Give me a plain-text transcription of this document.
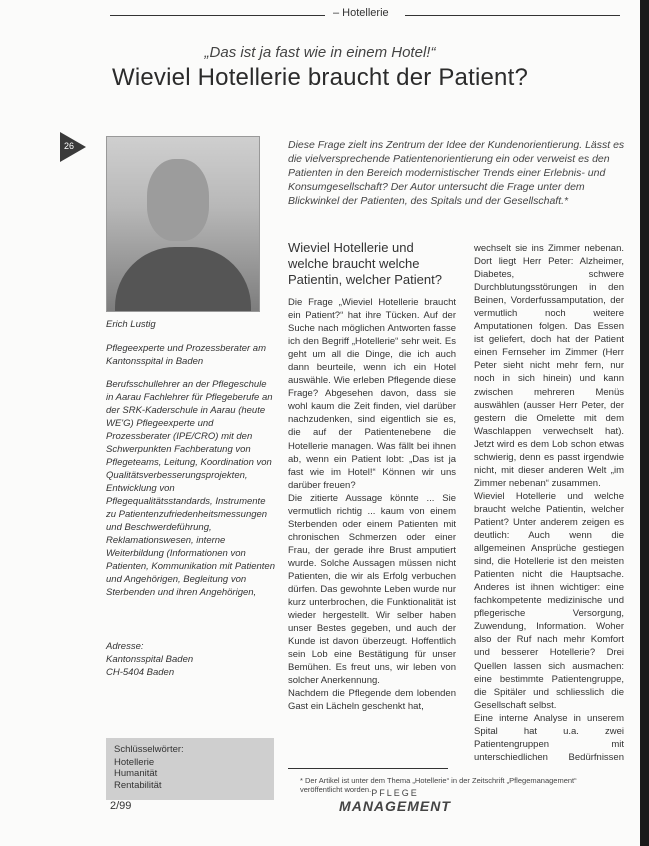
– Hotellerie
„Das ist ja fast wie in einem Hotel!“
Wieviel Hotellerie braucht der Patient?
26
Erich Lustig
Pflegeexperte und Prozessberater am Kantonsspital in Baden
Berufsschullehrer an der Pflegeschule in Aarau Fachlehrer für Pflegeberufe an der SRK-Kaderschule in Aarau (heute WE'G) Pflegeexperte und Prozessberater (IPE/CRO) mit den Schwerpunkten Fachberatung von Pflegeteams, Leitung, Koordination von Qualitätsverbesserungsprojekten, Entwicklung von Pflegequalitätsstandards, Instrumente zu Patientenzufriedenheitsmessungen und Beschwerdeführung, Reklamationswesen, interne Weiterbildung (Informationen von Patienten, Kommunikation mit Patienten und Angehörigen, Begleitung von Sterbenden und ihren Angehörigen,
Adresse:
Kantonsspital Baden
CH-5404 Baden
Schlüsselwörter:
Hotellerie
Humanität
Rentabilität
Diese Frage zielt ins Zentrum der Idee der Kundenorientierung. Lässt es die vielversprechende Patientenorientierung ein oder verweist es den Patienten in den Bereich modernistischer Trends einer Erlebnis- und Konsumgesellschaft? Der Autor untersucht die Frage unter dem Blickwinkel der Patienten, des Spitals und der Gesellschaft.*
Wieviel Hotellerie und welche braucht welche Patientin, welcher Patient?

Die Frage „Wieviel Hotellerie braucht ein Patient?“ hat ihre Tücken. Auf der Suche nach möglichen Antworten fasse ich den Begriff „Hotellerie“ sehr weit. Es geht um all die Dinge, die ich auch dann beurteile, wenn ich ein Hotel auswähle. Wie erleben Pflegende diese Frage? Abgesehen davon, dass sie wohl kaum die Zeit finden, viel darüber nachzudenken, sind eigentlich sie es, die auf der Patientenebene die Hotellerie managen. Was fällt bei ihnen ab, wenn ein Patient lobt: „Das ist ja fast wie im Hotel!“ Können wir uns darüber freuen?

Die zitierte Aussage könnte ... Sie vermutlich richtig ... kaum von einem Sterbenden oder einem Patienten mit chronischen Schmerzen oder einer Frau, der gerade ihre Brust amputiert wurde. Solche Aussagen müssen nicht Patienten, die wir als Erfolg verbuchen dürfen. Das gewohnte Leben wurde nur kurz unterbrochen, die Funktionalität ist wieder hergestellt. Wir selber haben unser Bestes gegeben, und auch der Kunde ist davon überzeugt. Hoffentlich sein Lob eine Bestätigung für unser Bemühen. Es freut uns, wir leben von solcher Anerkennung.

Nachdem die Pflegende dem lobenden Gast ein Lächeln geschenkt hat,

wechselt sie ins Zimmer nebenan. Dort liegt Herr Peter: Alzheimer, Diabetes, schwere Durchblutungsstörungen in den Beinen, Vorderfussamputation, der vermutlich noch weitere Amputationen folgen. Das Essen ist geliefert, doch hat der Patient einen Fernseher im Zimmer (Herr Peter sieht nicht mehr fern, nur noch in sich hinein) und kann zwischen mehreren Menüs auswählen (ausser Herr Peter, der gestern die Omelette mit dem Waschlappen verwechselt hat). Jetzt wird es dem Lob schon etwas schwierig, denn es passt irgendwie nicht, mit dieser anderen Welt „im Zimmer nebenan“ zusammen.

Wieviel Hotellerie und welche braucht welche Patientin, welcher Patient? Unter anderem zeigen es deutlich: Auch wenn die allgemeinen Ansprüche gestiegen sind, die Hotellerie ist den meisten Patienten nicht die Hauptsache. Anderes ist ihnen wichtiger: eine fachkompetente medizinische und pflegerische Versorgung, Zuwendung, Information. Woher also der Ruf nach mehr Komfort und besserer Hotellerie? Drei Quellen lassen sich ausmachen: eine bestimmte Patientengruppe, die Spitäler und schliesslich die Gesellschaft selbst.

Eine interne Analyse in unserem Spital hat u.a. zwei Patientengruppen mit unterschiedlichen Bedürfnissen

* Der Artikel ist unter dem Thema „Hotellerie“ in der Zeitschrift „Pflegemanagement“ veröffentlicht worden.
2/99
PFLEGE
MANAGEMENT
